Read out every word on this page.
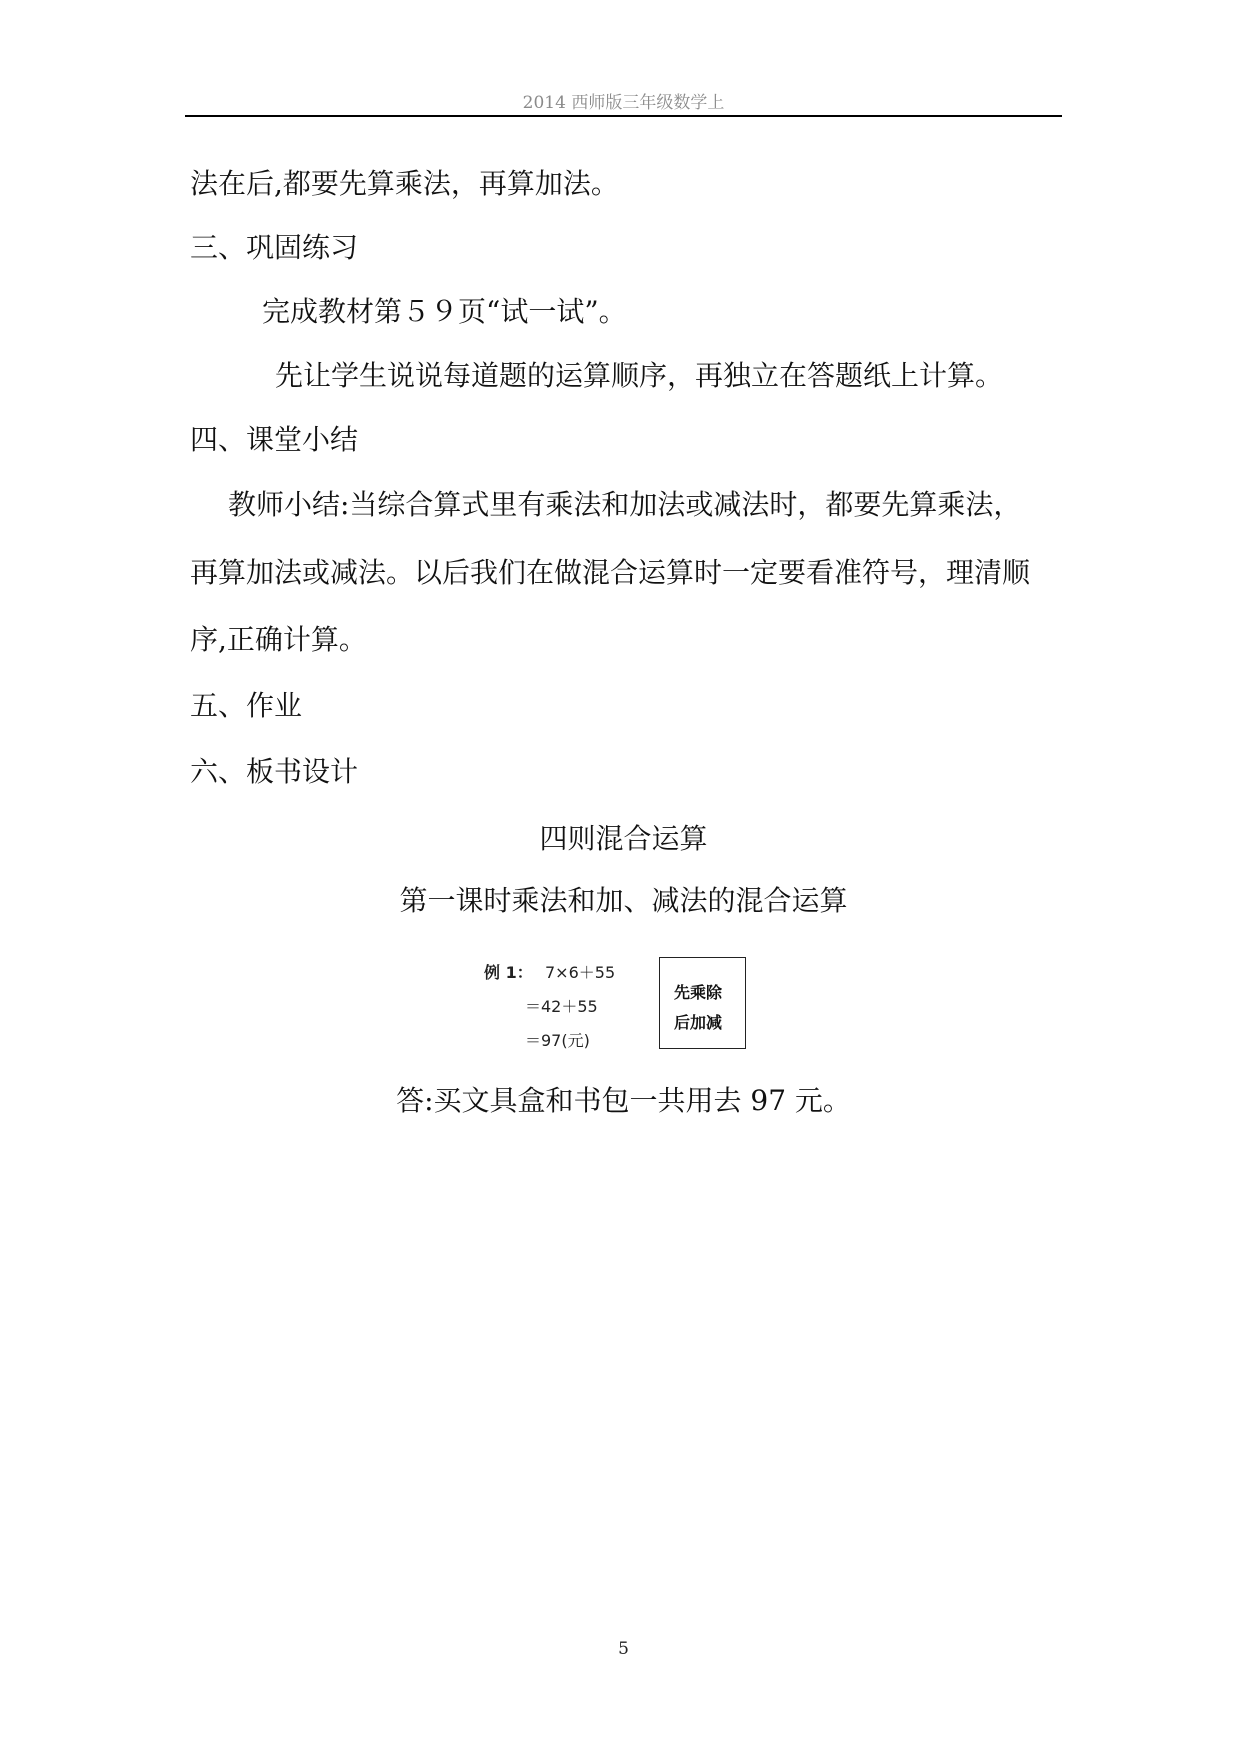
2014 西师版三年级数学上
法在后,都要先算乘法，再算加法。
三、巩固练习
完成教材第５９页“试一试”。
先让学生说说每道题的运算顺序，再独立在答题纸上计算。
四、课堂小结
教师小结:当综合算式里有乘法和加法或减法时，都要先算乘法，
再算加法或减法。以后我们在做混合运算时一定要看准符号，理清顺
序,正确计算。
五、作业
六、板书设计
四则混合运算
第一课时乘法和加、减法的混合运算
例 1： 7×6＋55
＝42＋55
＝97(元)
先乘除
后加减
答:买文具盒和书包一共用去 97 元。
5
